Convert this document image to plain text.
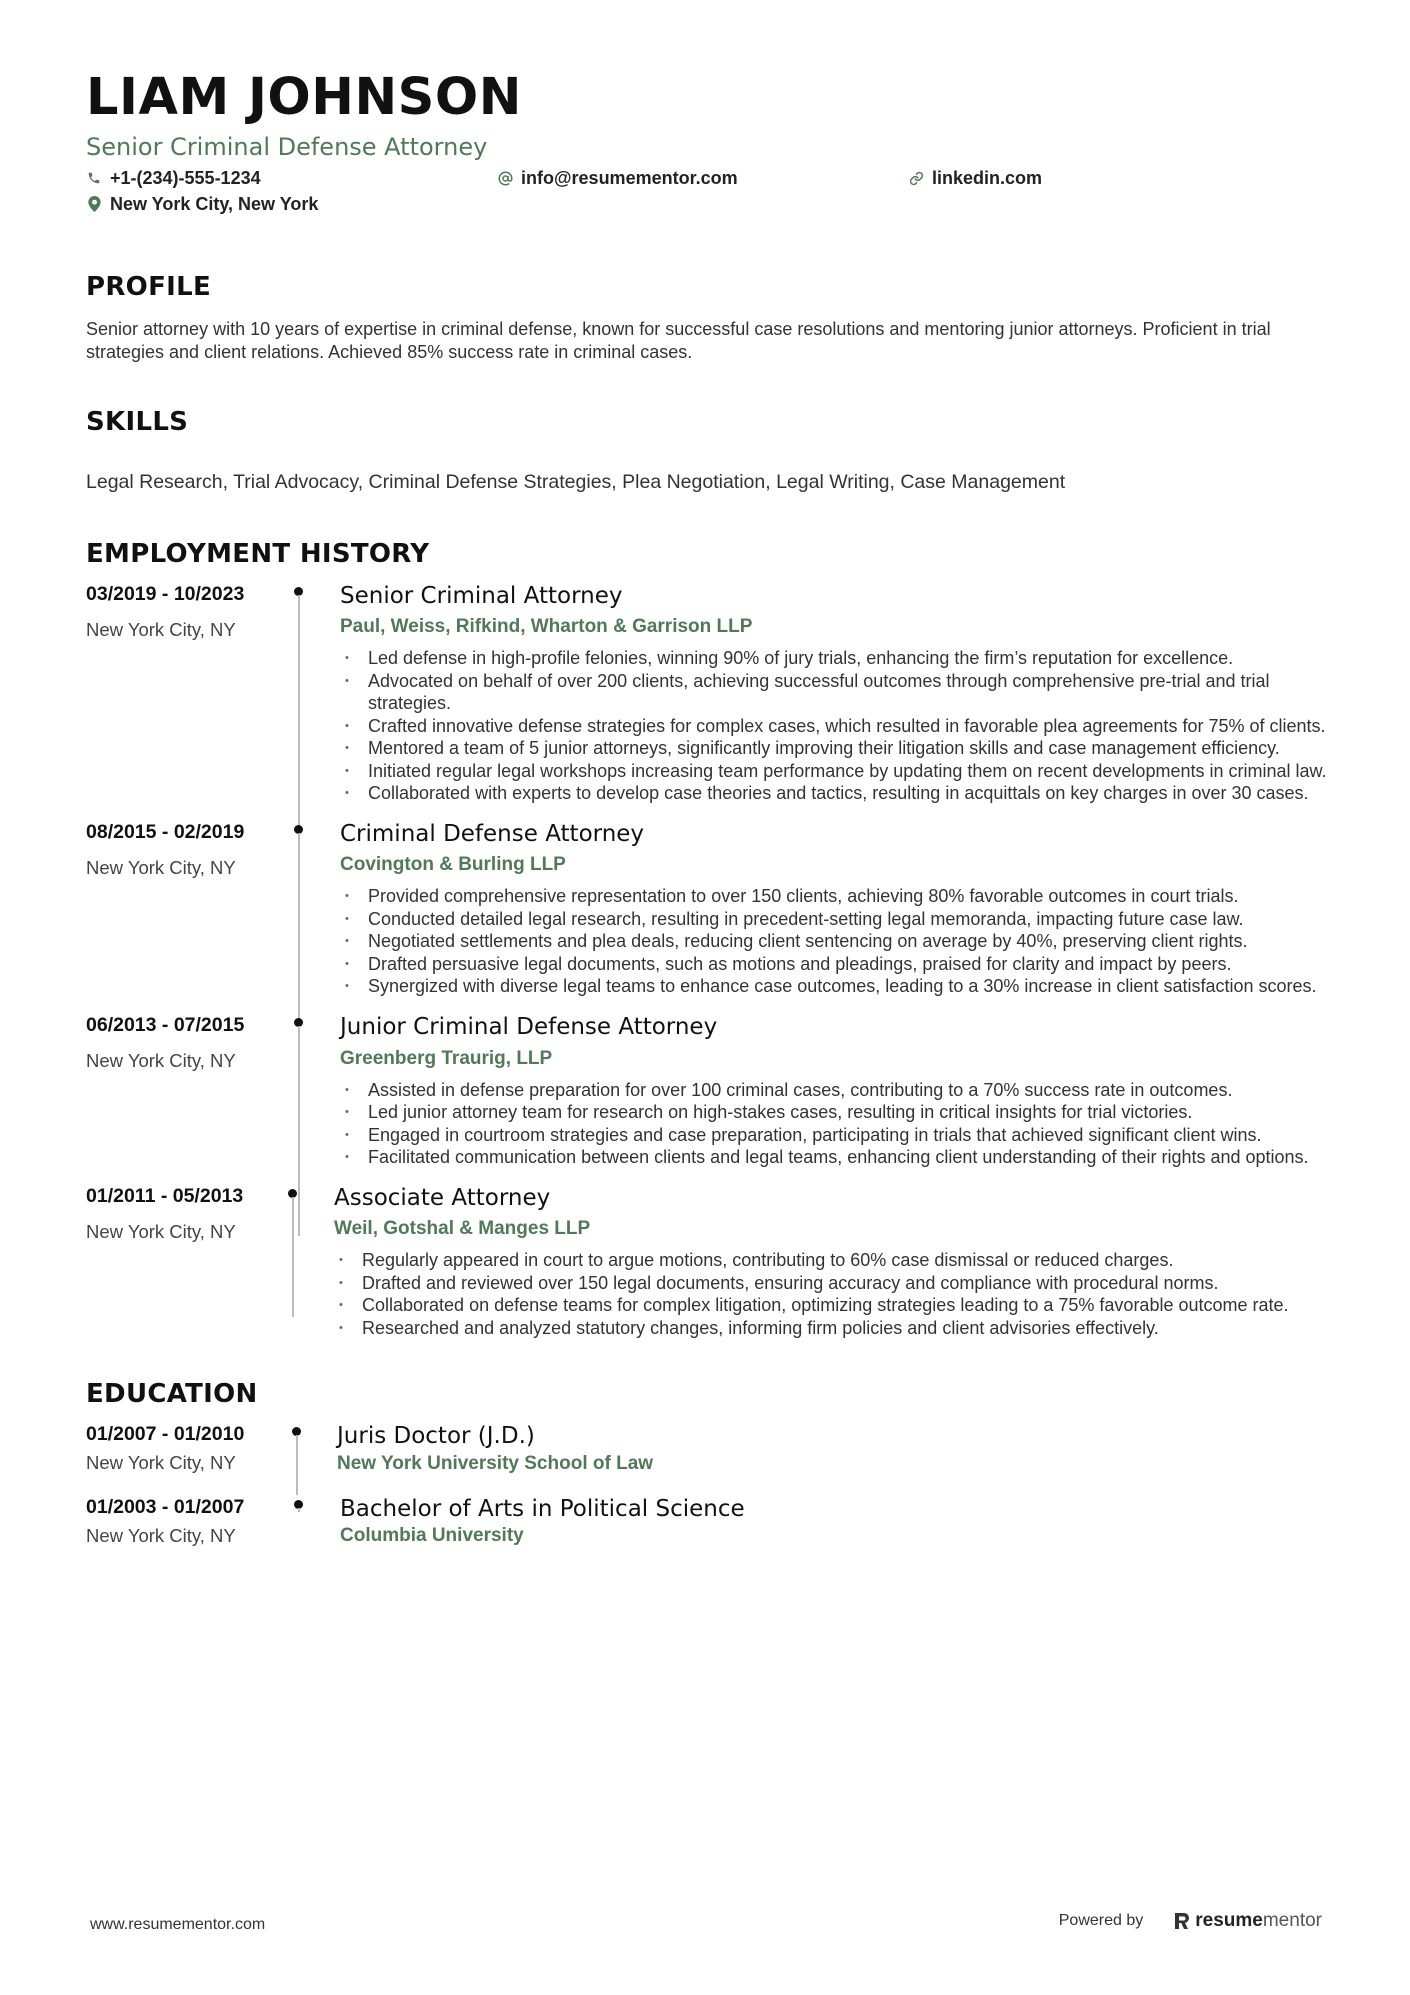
LIAM JOHNSON
Senior Criminal Defense Attorney
+1-(234)-555-1234	info@resumementor.com	linkedin.com
New York City, New York
PROFILE

Senior attorney with 10 years of expertise in criminal defense, known for successful case resolutions and mentoring junior attorneys. Proficient in trial strategies and client relations. Achieved 85% success rate in criminal cases.

SKILLS
Legal Research, Trial Advocacy, Criminal Defense Strategies, Plea Negotiation, Legal Writing, Case Management
EMPLOYMENT HISTORY
03/2019 - 10/2023
New York City, NY
Senior Criminal Attorney
Paul, Weiss, Rifkind, Wharton & Garrison LLP
• Led defense in high-profile felonies, winning 90% of jury trials, enhancing the firm’s reputation for excellence.
• Advocated on behalf of over 200 clients, achieving successful outcomes through comprehensive pre-trial and trial strategies.
• Crafted innovative defense strategies for complex cases, which resulted in favorable plea agreements for 75% of clients.
• Mentored a team of 5 junior attorneys, significantly improving their litigation skills and case management efficiency.
• Initiated regular legal workshops increasing team performance by updating them on recent developments in criminal law.
• Collaborated with experts to develop case theories and tactics, resulting in acquittals on key charges in over 30 cases.
08/2015 - 02/2019
New York City, NY
Criminal Defense Attorney
Covington & Burling LLP
• Provided comprehensive representation to over 150 clients, achieving 80% favorable outcomes in court trials.
• Conducted detailed legal research, resulting in precedent-setting legal memoranda, impacting future case law.
• Negotiated settlements and plea deals, reducing client sentencing on average by 40%, preserving client rights.
• Drafted persuasive legal documents, such as motions and pleadings, praised for clarity and impact by peers.
• Synergized with diverse legal teams to enhance case outcomes, leading to a 30% increase in client satisfaction scores.
06/2013 - 07/2015
New York City, NY
Junior Criminal Defense Attorney
Greenberg Traurig, LLP
• Assisted in defense preparation for over 100 criminal cases, contributing to a 70% success rate in outcomes.
• Led junior attorney team for research on high-stakes cases, resulting in critical insights for trial victories.
• Engaged in courtroom strategies and case preparation, participating in trials that achieved significant client wins.
• Facilitated communication between clients and legal teams, enhancing client understanding of their rights and options.
01/2011 - 05/2013
New York City, NY
Associate Attorney
Weil, Gotshal & Manges LLP
• Regularly appeared in court to argue motions, contributing to 60% case dismissal or reduced charges.
• Drafted and reviewed over 150 legal documents, ensuring accuracy and compliance with procedural norms.
• Collaborated on defense teams for complex litigation, optimizing strategies leading to a 75% favorable outcome rate.
• Researched and analyzed statutory changes, informing firm policies and client advisories effectively.
EDUCATION
01/2007 - 01/2010
New York City, NY
Juris Doctor (J.D.)
New York University School of Law
01/2003 - 01/2007
New York City, NY
Bachelor of Arts in Political Science
Columbia University
www.resumementor.com	Powered by	resume mentor
